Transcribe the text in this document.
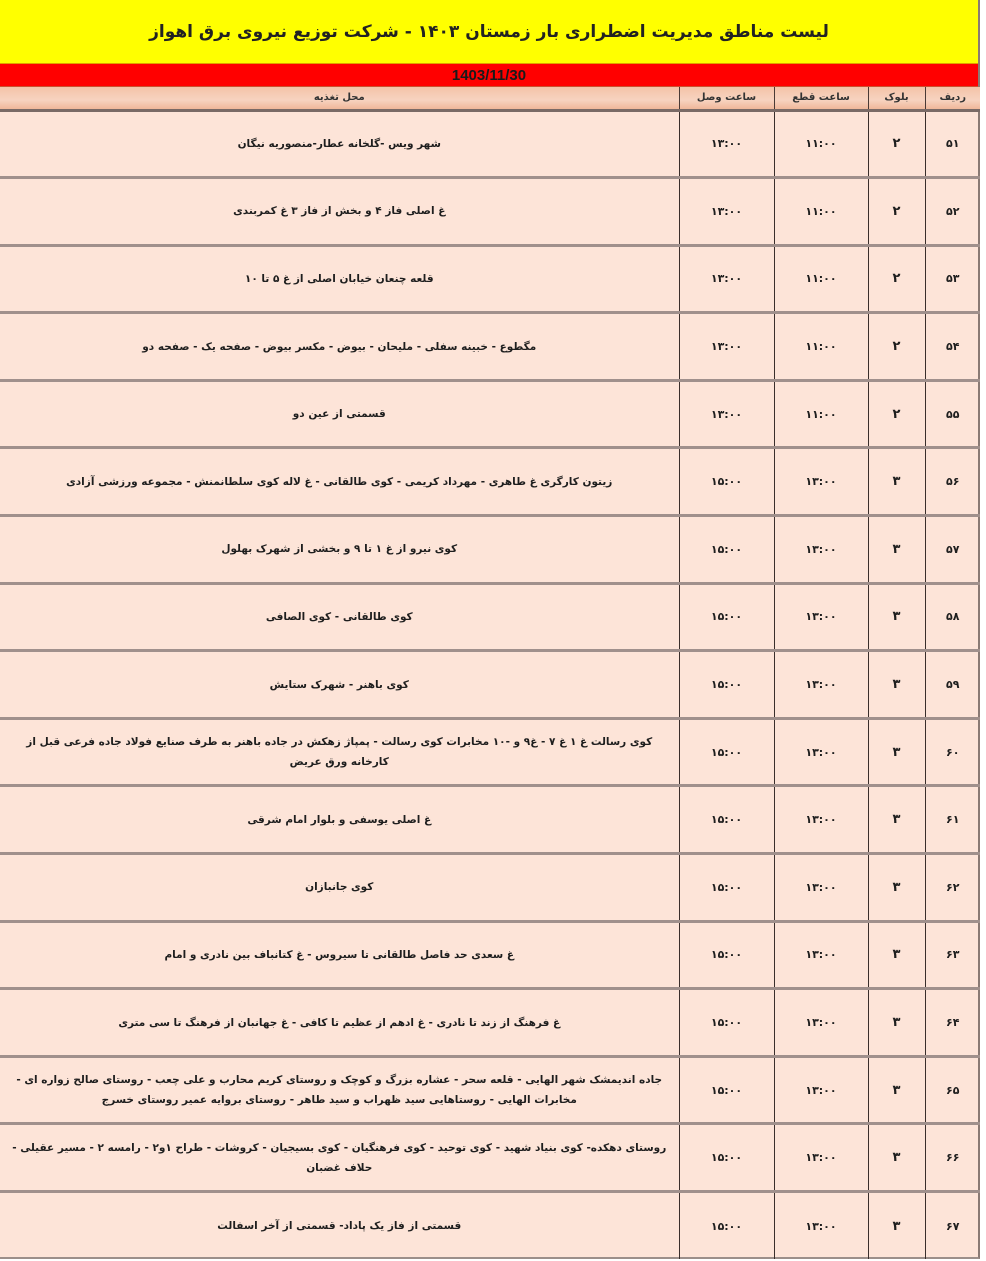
لیست مناطق مدیریت اضطراری بار زمستان ۱۴۰۳ - شرکت توزیع نیروی برق اهواز
1403/11/30
ردیف	بلوک	ساعت قطع	ساعت وصل	محل تغذیه
۵۱	۲	۱۱:۰۰	۱۳:۰۰	شهر ویس -گلخانه عطار-منصوریه نیگان
۵۲	۲	۱۱:۰۰	۱۳:۰۰	غ اصلی فاز ۴ و بخش از فاز ۳ غ کمربندی
۵۳	۲	۱۱:۰۰	۱۳:۰۰	قلعه چنعان خیابان اصلی از غ ۵ تا ۱۰
۵۴	۲	۱۱:۰۰	۱۳:۰۰	مگطوع - خبینه سفلی - ملیحان - بیوض - مکسر بیوض - صفحه یک - صفحه دو
۵۵	۲	۱۱:۰۰	۱۳:۰۰	قسمتی از عین دو
۵۶	۳	۱۳:۰۰	۱۵:۰۰	زیتون کارگری غ طاهری - مهرداد کریمی - کوی طالقانی - غ لاله کوی سلطانمنش - مجموعه ورزشی آزادی
۵۷	۳	۱۳:۰۰	۱۵:۰۰	کوی نیرو از غ ۱ تا ۹ و بخشی از شهرک بهلول
۵۸	۳	۱۳:۰۰	۱۵:۰۰	کوی طالقانی - کوی الصافی
۵۹	۳	۱۳:۰۰	۱۵:۰۰	کوی باهنر - شهرک ستایش
۶۰	۳	۱۳:۰۰	۱۵:۰۰	کوی رسالت غ ۱ غ ۷ - غ۹ و -۱۰ مخابرات کوی رسالت - پمپاژ زهکش در جاده باهنر به طرف صنایع فولاد جاده فرعی قبل از کارخانه ورق عریض
۶۱	۳	۱۳:۰۰	۱۵:۰۰	غ اصلی یوسفی و بلوار امام شرقی
۶۲	۳	۱۳:۰۰	۱۵:۰۰	کوی جانبازان
۶۳	۳	۱۳:۰۰	۱۵:۰۰	غ سعدی حد فاصل طالقانی تا سیروس - غ کتانباف بین نادری و امام
۶۴	۳	۱۳:۰۰	۱۵:۰۰	غ فرهنگ از زند تا نادری - غ ادهم از عظیم تا کافی - غ جهانبان از فرهنگ تا سی متری
۶۵	۳	۱۳:۰۰	۱۵:۰۰	جاده اندیمشک شهر الهایی - قلعه سحر - عشاره بزرگ و کوچک و روستای کریم محارب و علی چعب - روستای صالح زواره ای - مخابرات الهایی - روستاهایی سید ظهراب و سید طاهر - روستای بروایه عمیر روستای خسرج
۶۶	۳	۱۳:۰۰	۱۵:۰۰	روستای دهکده- کوی بنیاد شهید - کوی توحید - کوی فرهنگیان - کوی بسیجیان - کروشات - طراح ۱و۲ - رامسه ۲ - مسیر عقیلی - حلاف غضبان
۶۷	۳	۱۳:۰۰	۱۵:۰۰	قسمتی از فاز یک پاداد- قسمتی از آخر اسفالت
